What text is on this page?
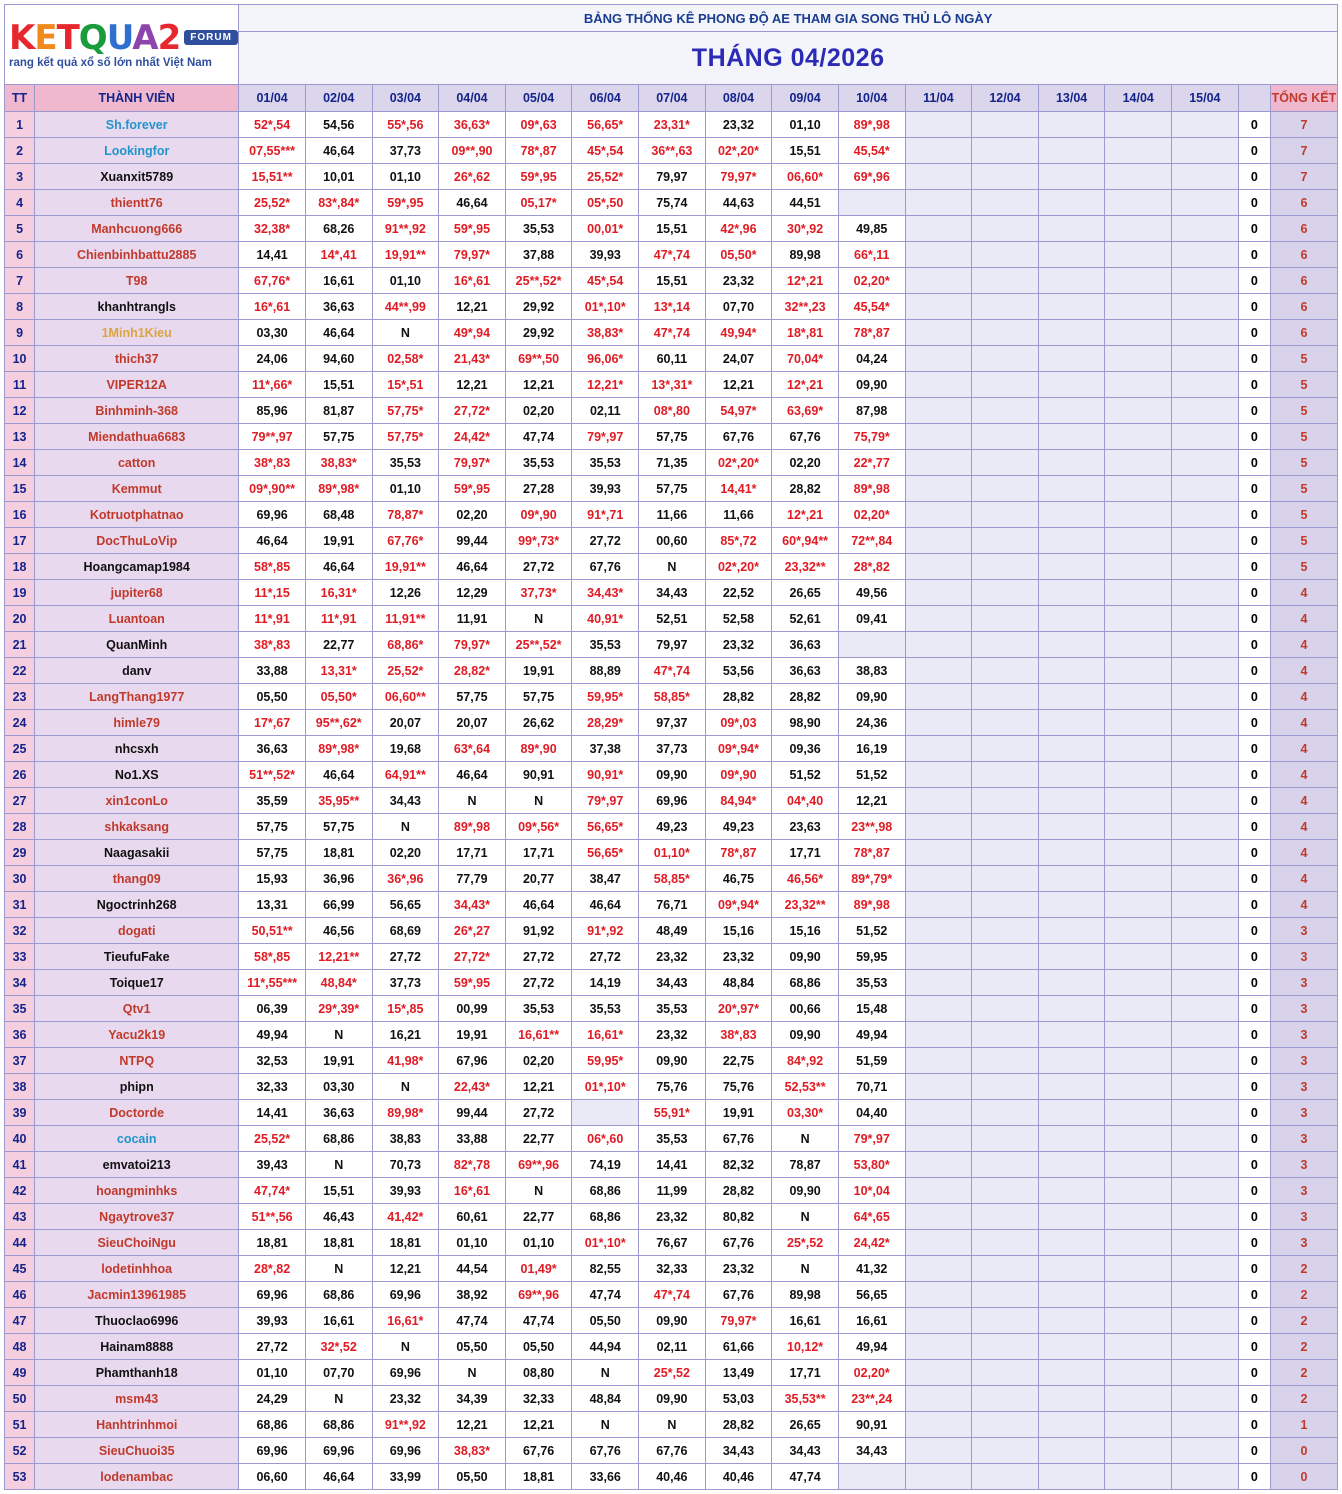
KETQUA2 FORUM
rang kết quả xổ số lớn nhất Việt Nam		BẢNG THỐNG KÊ PHONG ĐỘ AE THAM GIA SONG THỦ LÔ NGÀY																
		THÁNG 04/2026																
TT	THÀNH VIÊN	01/04	02/04	03/04	04/04	05/04	06/04	07/04	08/04	09/04	10/04	11/04	12/04	13/04	14/04	15/04		TỔNG KẾT
1	Sh.forever	52*,54	54,56	55*,56	36,63*	09*,63	56,65*	23,31*	23,32	01,10	89*,98						0	7
2	Lookingfor	07,55***	46,64	37,73	09**,90	78*,87	45*,54	36**,63	02*,20*	15,51	45,54*						0	7
3	Xuanxit5789	15,51**	10,01	01,10	26*,62	59*,95	25,52*	79,97	79,97*	06,60*	69*,96						0	7
4	thientt76	25,52*	83*,84*	59*,95	46,64	05,17*	05*,50	75,74	44,63	44,51							0	6
5	Manhcuong666	32,38*	68,26	91**,92	59*,95	35,53	00,01*	15,51	42*,96	30*,92	49,85						0	6
6	Chienbinhbattu2885	14,41	14*,41	19,91**	79,97*	37,88	39,93	47*,74	05,50*	89,98	66*,11						0	6
7	T98	67,76*	16,61	01,10	16*,61	25**,52*	45*,54	15,51	23,32	12*,21	02,20*						0	6
8	khanhtrangls	16*,61	36,63	44**,99	12,21	29,92	01*,10*	13*,14	07,70	32**,23	45,54*						0	6
9	1Minh1Kieu	03,30	46,64	N	49*,94	29,92	38,83*	47*,74	49,94*	18*,81	78*,87						0	6
10	thich37	24,06	94,60	02,58*	21,43*	69**,50	96,06*	60,11	24,07	70,04*	04,24						0	5
11	VIPER12A	11*,66*	15,51	15*,51	12,21	12,21	12,21*	13*,31*	12,21	12*,21	09,90						0	5
12	Binhminh-368	85,96	81,87	57,75*	27,72*	02,20	02,11	08*,80	54,97*	63,69*	87,98						0	5
13	Miendathua6683	79**,97	57,75	57,75*	24,42*	47,74	79*,97	57,75	67,76	67,76	75,79*						0	5
14	catton	38*,83	38,83*	35,53	79,97*	35,53	35,53	71,35	02*,20*	02,20	22*,77						0	5
15	Kemmut	09*,90**	89*,98*	01,10	59*,95	27,28	39,93	57,75	14,41*	28,82	89*,98						0	5
16	Kotruotphatnao	69,96	68,48	78,87*	02,20	09*,90	91*,71	11,66	11,66	12*,21	02,20*						0	5
17	DocThuLoVip	46,64	19,91	67,76*	99,44	99*,73*	27,72	00,60	85*,72	60*,94**	72**,84						0	5
18	Hoangcamap1984	58*,85	46,64	19,91**	46,64	27,72	67,76	N	02*,20*	23,32**	28*,82						0	5
19	jupiter68	11*,15	16,31*	12,26	12,29	37,73*	34,43*	34,43	22,52	26,65	49,56						0	4
20	Luantoan	11*,91	11*,91	11,91**	11,91	N	40,91*	52,51	52,58	52,61	09,41						0	4
21	QuanMinh	38*,83	22,77	68,86*	79,97*	25**,52*	35,53	79,97	23,32	36,63							0	4
22	danv	33,88	13,31*	25,52*	28,82*	19,91	88,89	47*,74	53,56	36,63	38,83						0	4
23	LangThang1977	05,50	05,50*	06,60**	57,75	57,75	59,95*	58,85*	28,82	28,82	09,90						0	4
24	himle79	17*,67	95**,62*	20,07	20,07	26,62	28,29*	97,37	09*,03	98,90	24,36						0	4
25	nhcsxh	36,63	89*,98*	19,68	63*,64	89*,90	37,38	37,73	09*,94*	09,36	16,19						0	4
26	No1.XS	51**,52*	46,64	64,91**	46,64	90,91	90,91*	09,90	09*,90	51,52	51,52						0	4
27	xin1conLo	35,59	35,95**	34,43	N	N	79*,97	69,96	84,94*	04*,40	12,21						0	4
28	shkaksang	57,75	57,75	N	89*,98	09*,56*	56,65*	49,23	49,23	23,63	23**,98						0	4
29	Naagasakii	57,75	18,81	02,20	17,71	17,71	56,65*	01,10*	78*,87	17,71	78*,87						0	4
30	thang09	15,93	36,96	36*,96	77,79	20,77	38,47	58,85*	46,75	46,56*	89*,79*						0	4
31	Ngoctrinh268	13,31	66,99	56,65	34,43*	46,64	46,64	76,71	09*,94*	23,32**	89*,98						0	4
32	dogati	50,51**	46,56	68,69	26*,27	91,92	91*,92	48,49	15,16	15,16	51,52						0	3
33	TieufuFake	58*,85	12,21**	27,72	27,72*	27,72	27,72	23,32	23,32	09,90	59,95						0	3
34	Toique17	11*,55***	48,84*	37,73	59*,95	27,72	14,19	34,43	48,84	68,86	35,53						0	3
35	Qtv1	06,39	29*,39*	15*,85	00,99	35,53	35,53	35,53	20*,97*	00,66	15,48						0	3
36	Yacu2k19	49,94	N	16,21	19,91	16,61**	16,61*	23,32	38*,83	09,90	49,94						0	3
37	NTPQ	32,53	19,91	41,98*	67,96	02,20	59,95*	09,90	22,75	84*,92	51,59						0	3
38	phipn	32,33	03,30	N	22,43*	12,21	01*,10*	75,76	75,76	52,53**	70,71						0	3
39	Doctorde	14,41	36,63	89,98*	99,44	27,72		55,91*	19,91	03,30*	04,40						0	3
40	cocain	25,52*	68,86	38,83	33,88	22,77	06*,60	35,53	67,76	N	79*,97						0	3
41	emvatoi213	39,43	N	70,73	82*,78	69**,96	74,19	14,41	82,32	78,87	53,80*						0	3
42	hoangminhks	47,74*	15,51	39,93	16*,61	N	68,86	11,99	28,82	09,90	10*,04						0	3
43	Ngaytrove37	51**,56	46,43	41,42*	60,61	22,77	68,86	23,32	80,82	N	64*,65						0	3
44	SieuChoiNgu	18,81	18,81	18,81	01,10	01,10	01*,10*	76,67	67,76	25*,52	24,42*						0	3
45	lodetinhhoa	28*,82	N	12,21	44,54	01,49*	82,55	32,33	23,32	N	41,32						0	2
46	Jacmin13961985	69,96	68,86	69,96	38,92	69**,96	47,74	47*,74	67,76	89,98	56,65						0	2
47	Thuoclao6996	39,93	16,61	16,61*	47,74	47,74	05,50	09,90	79,97*	16,61	16,61						0	2
48	Hainam8888	27,72	32*,52	N	05,50	05,50	44,94	02,11	61,66	10,12*	49,94						0	2
49	Phamthanh18	01,10	07,70	69,96	N	08,80	N	25*,52	13,49	17,71	02,20*						0	2
50	msm43	24,29	N	23,32	34,39	32,33	48,84	09,90	53,03	35,53**	23**,24						0	2
51	Hanhtrinhmoi	68,86	68,86	91**,92	12,21	12,21	N	N	28,82	26,65	90,91						0	1
52	SieuChuoi35	69,96	69,96	69,96	38,83*	67,76	67,76	67,76	34,43	34,43	34,43						0	0
53	lodenambac	06,60	46,64	33,99	05,50	18,81	33,66	40,46	40,46	47,74							0	0
